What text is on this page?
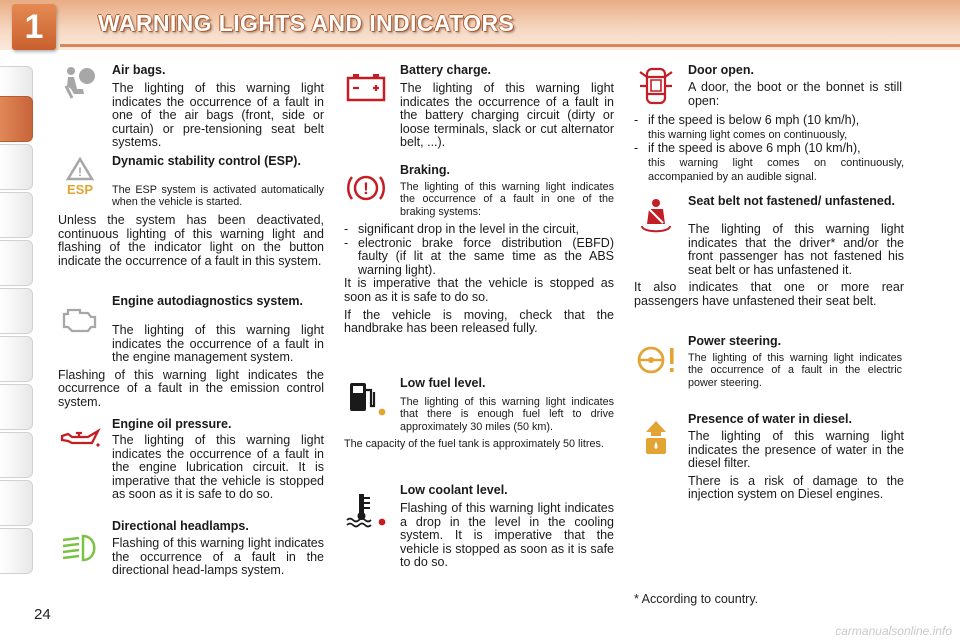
1	WARNING LIGHTS AND INDICATORS
Air bags.
The lighting of this warning light indicates the occurrence of a fault in one of the air bags (front, side or curtain) or pre-tensioning seat belt systems.
!
ESP
Dynamic stability control (ESP).
The ESP system is activated automatically when the vehicle is started.
Unless the system has been deactivated, continuous lighting of this warning light and flashing of the indicator light on the button indicate the occurrence of a fault in this system.
Engine autodiagnostics system.
The lighting of this warning light indicates the occurrence of a fault in the engine management system.
Flashing of this warning light indicates the occurrence of a fault in the emission control system.
Engine oil pressure.
The lighting of this warning light indicates the occurrence of a fault in the engine lubrication circuit. It is imperative that the vehicle is stopped as soon as it is safe to do so.
Directional headlamps.
Flashing of this warning light indicates the occurrence of a fault in the directional head-lamps system.
Battery charge.
The lighting of this warning light indicates the occurrence of a fault in the battery charging circuit (dirty or loose terminals, slack or cut alternator belt, ...).
!
Braking.
The lighting of this warning light indicates the occurrence of a fault in one of the braking systems:
- significant drop in the level in the circuit,
- electronic brake force distribution (EBFD) faulty (if lit at the same time as the ABS warning light).
It is imperative that the vehicle is stopped as soon as it is safe to do so.
If the vehicle is moving, check that the handbrake has been released fully.
Low fuel level.
The lighting of this warning light indicates that there is enough fuel left to drive approximately 30 miles (50 km).
The capacity of the fuel tank is approximately 50 litres.
Low coolant level.
Flashing of this warning light indicates a drop in the level in the cooling system. It is imperative that the vehicle is stopped as soon as it is safe to do so.
Door open.
A door, the boot or the bonnet is still open:
- if the speed is below 6 mph (10 km/h),
this warning light comes on continuously,
- if the speed is above 6 mph (10 km/h),
this warning light comes on continuously, accompanied by an audible signal.
Seat belt not fastened/ unfastened.
The lighting of this warning light indicates that the driver* and/or the front passenger has not fastened his seat belt or has unfastened it.
It also indicates that one or more rear passengers have unfastened their seat belt.
Power steering.
The lighting of this warning light indicates the occurrence of a fault in the electric power steering.
Presence of water in diesel.
The lighting of this warning light indicates the presence of water in the diesel filter.
There is a risk of damage to the injection system on Diesel engines.
* According to country.
24
carmanualsonline.info
